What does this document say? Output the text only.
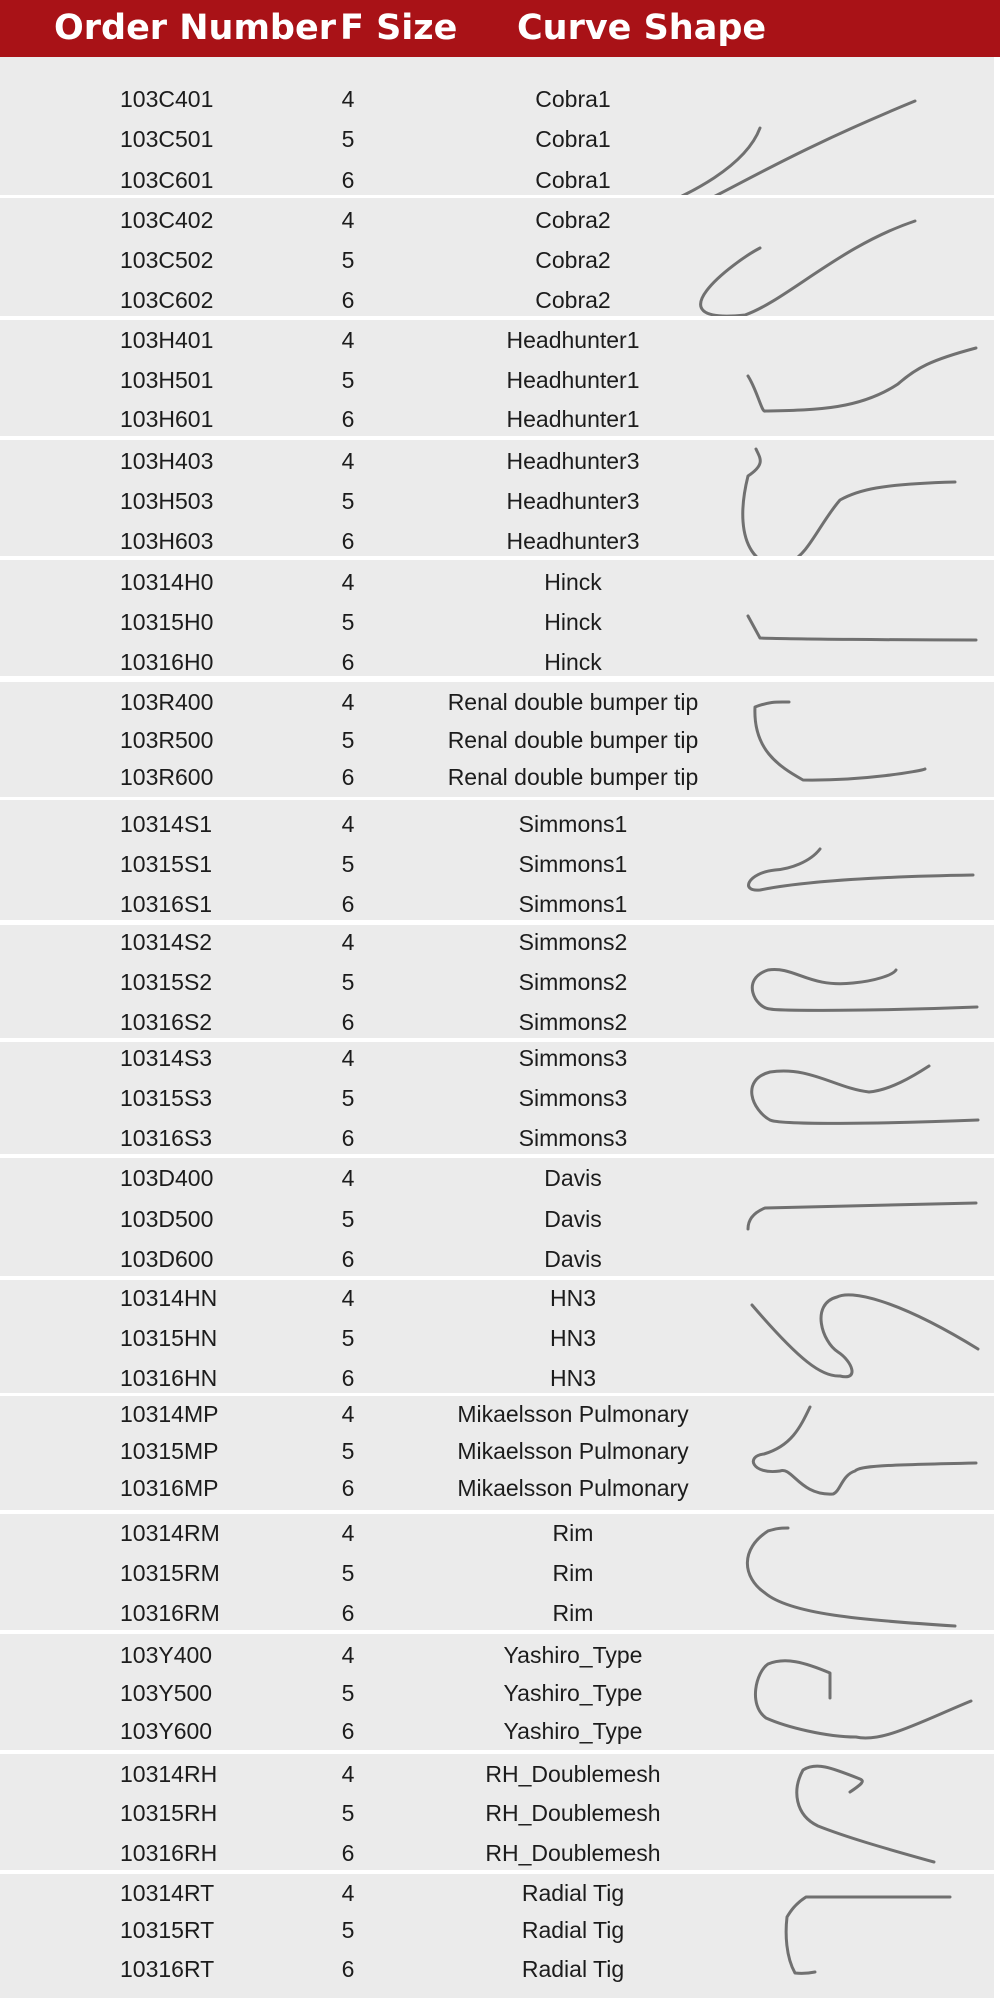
Order Number F Size Curve Shape
103C401	4	Cobra1
103C501	5	Cobra1
103C601	6	Cobra1
103C402	4	Cobra2
103C502	5	Cobra2
103C602	6	Cobra2
103H401	4	Headhunter1
103H501	5	Headhunter1
103H601	6	Headhunter1
103H403	4	Headhunter3
103H503	5	Headhunter3
103H603	6	Headhunter3
10314H0	4	Hinck
10315H0	5	Hinck
10316H0	6	Hinck
103R400	4	Renal double bumper tip
103R500	5	Renal double bumper tip
103R600	6	Renal double bumper tip
10314S1	4	Simmons1
10315S1	5	Simmons1
10316S1	6	Simmons1
10314S2	4	Simmons2
10315S2	5	Simmons2
10316S2	6	Simmons2
10314S3	4	Simmons3
10315S3	5	Simmons3
10316S3	6	Simmons3
103D400	4	Davis
103D500	5	Davis
103D600	6	Davis
10314HN	4	HN3
10315HN	5	HN3
10316HN	6	HN3
10314MP	4	Mikaelsson Pulmonary
10315MP	5	Mikaelsson Pulmonary
10316MP	6	Mikaelsson Pulmonary
10314RM	4	Rim
10315RM	5	Rim
10316RM	6	Rim
103Y400	4	Yashiro_Type
103Y500	5	Yashiro_Type
103Y600	6	Yashiro_Type
10314RH	4	RH_Doublemesh
10315RH	5	RH_Doublemesh
10316RH	6	RH_Doublemesh
10314RT	4	Radial Tig
10315RT	5	Radial Tig
10316RT	6	Radial Tig
